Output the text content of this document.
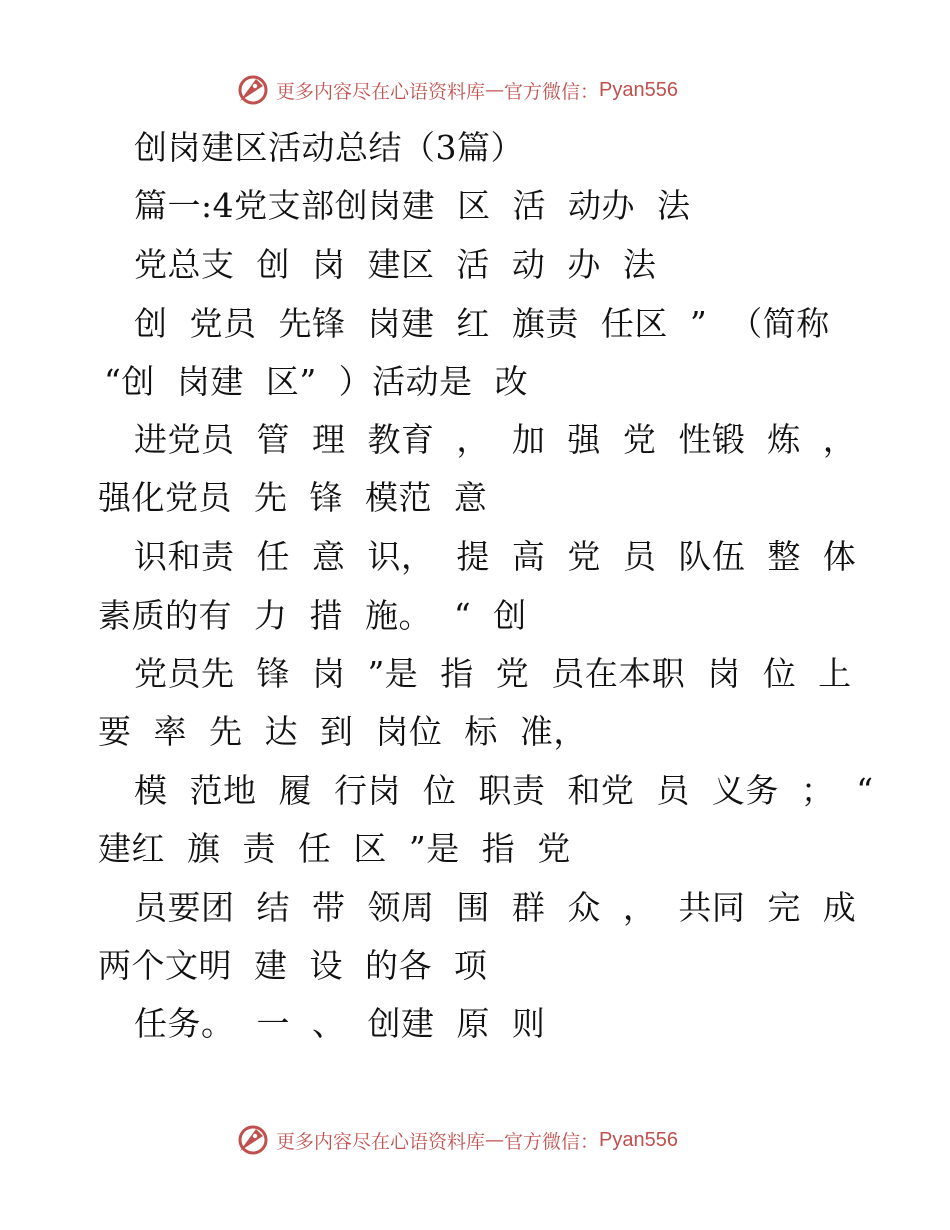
更多内容尽在心语资料库 — 官方微信： Pyan556
创岗建区活动总结（3篇）
篇一:4党支部创岗建  区  活  动办  法
党总支  创  岗  建区  活  动  办  法
创  党员  先锋  岗建  红  旗责  任区  ”  （简称
“创  岗建  区”  ）活动是  改
进党员  管  理  教育  ，  加  强  党  性锻  炼  ，
强化党员  先  锋  模范  意
识和责  任  意  识，  提  高  党  员  队伍  整  体
素质的有  力  措  施。  “  创
党员先  锋  岗  ”是  指  党  员在本职  岗  位  上
要  率  先  达  到  岗位  标  准，
模  范地  履  行岗  位  职责  和党  员  义务  ；  “
建红  旗  责  任  区  ”是  指  党
员要团  结  带  领周  围  群  众  ，  共同  完  成
两个文明  建  设  的各  项
任务。  一  、  创建  原  则
更多内容尽在心语资料库 — 官方微信： Pyan556
